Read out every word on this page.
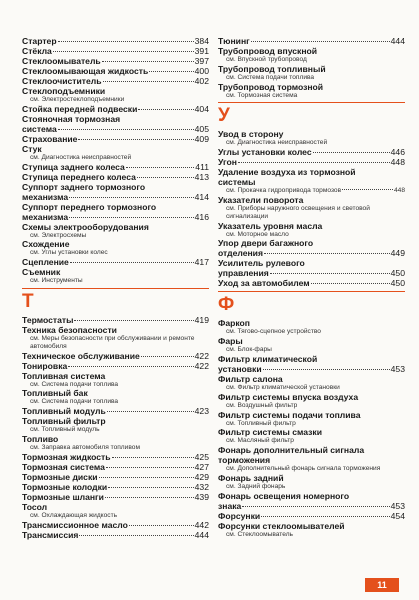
Стартер	384
Стёкла	391
Стеклоомыватель	397
Стеклоомывающая жидкость	400
Стеклоочиститель	402
Стеклоподъемники
см. Электростеклоподъемники
Стойка передней подвески	404
Стояночная тормозная
система	405
Страхование	409
Стук
см. Диагностика неисправностей
Ступица заднего колеса	411
Ступица переднего колеса	413
Суппорт заднего тормозного
механизма	414
Суппорт переднего тормозного
механизма	416
Схемы электрооборудования
см. Электросхемы
Схождение
см. Углы установки колес
Сцепление	417
Съемник
см. Инструменты
Т
Термостаты	419
Техника безопасности
см. Меры безопасности при обслуживании и ремонте автомобиля
Техническое обслуживание	422
Тонировка	422
Топливная система
см. Система подачи топлива
Топливный бак
см. Система подачи топлива
Топливный модуль	423
Топливный фильтр
см. Топливный модуль
Топливо
см. Заправка автомобиля топливом
Тормозная жидкость	425
Тормозная система	427
Тормозные диски	429
Тормозные колодки	432
Тормозные шланги	439
Тосол
см. Охлаждающая жидкость
Трансмиссионное масло	442
Трансмиссия	444
Тюнинг	444
Трубопровод впускной
см. Впускной трубопровод
Трубопровод топливный
см. Система подачи топлива
Трубопровод тормозной
см. Тормозная система
У
Увод в сторону
см. Диагностика неисправностей
Углы установки колес	446
Угон	448
Удаление воздуха из тормозной
системы
см. Прокачка гидропривода тормозов	448
Указатели поворота
см. Приборы наружного освещения и световой сигнализации
Указатель уровня масла
см. Моторное масло
Упор двери багажного
отделения	449
Усилитель рулевого
управления	450
Уход за автомобилем	450
Ф
Фаркоп
см. Тягово-сцепное устройство
Фары
см. Блок-фары
Фильтр климатической
установки	453
Фильтр салона
см. Фильтр климатической установки
Фильтр системы впуска воздуха
см. Воздушный фильтр
Фильтр системы подачи топлива
см. Топливный фильтр
Фильтр системы смазки
см. Масляный фильтр
Фонарь дополнительный сигнала
торможения
см. Дополнительный фонарь сигнала торможения
Фонарь задний
см. Задний фонарь
Фонарь освещения номерного
знака	453
Форсунки	454
Форсунки стеклоомывателей
см. Стеклоомыватель
11
